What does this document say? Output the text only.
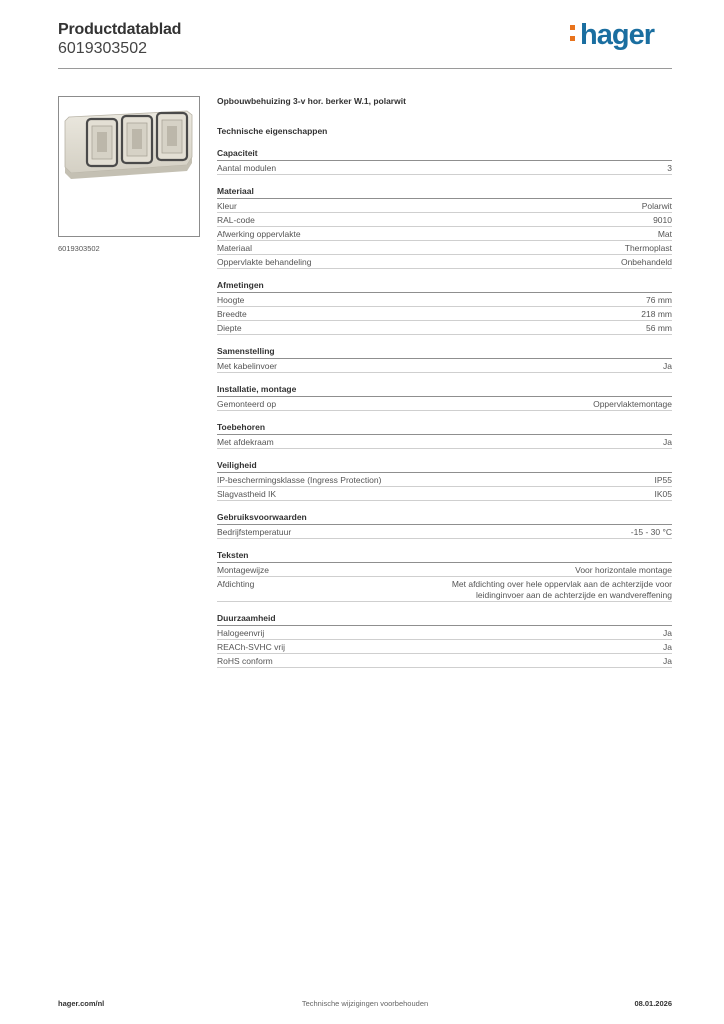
Productdatablad
6019303502	hager
6019303502
Opbouwbehuizing 3-v hor. berker W.1, polarwit
Technische eigenschappen
Capaciteit
Aantal modulen	3
Materiaal
Kleur	Polarwit
RAL-code	9010
Afwerking oppervlakte	Mat
Materiaal	Thermoplast
Oppervlakte behandeling	Onbehandeld
Afmetingen
Hoogte	76 mm
Breedte	218 mm
Diepte	56 mm
Samenstelling
Met kabelinvoer	Ja
Installatie, montage
Gemonteerd op	Oppervlaktemontage
Toebehoren
Met afdekraam	Ja
Veiligheid
IP-beschermingsklasse (Ingress Protection)	IP55
Slagvastheid IK	IK05
Gebruiksvoorwaarden
Bedrijfstemperatuur	-15 - 30 °C
Teksten
Montagewijze	Voor horizontale montage
Afdichting	Met afdichting over hele oppervlak aan de achterzijde voor leidinginvoer aan de achterzijde en wandvereffening
Duurzaamheid
Halogeenvrij	Ja
REACh-SVHC vrij	Ja
RoHS conform	Ja
hager.com/nl	Technische wijzigingen voorbehouden	08.01.2026
